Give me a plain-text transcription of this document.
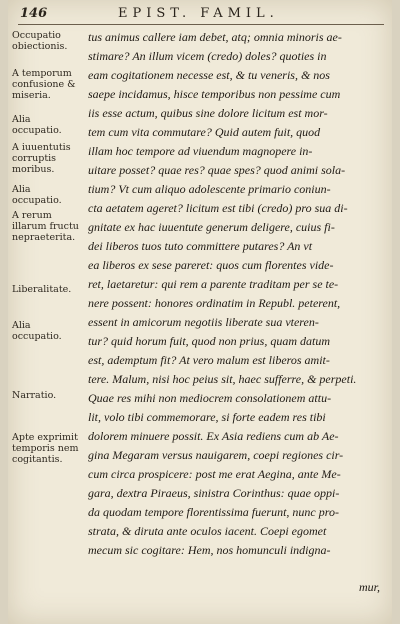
146	EPIST. FAMIL.
Occupatio obiectionis.
A temporum confusione & miseria.
Alia occupatio.
A iuuentutis corruptis moribus.
Alia occupatio.
A rerum illarum fructu nepraeterita.
Liberalitate.
Alia occupatio.
Narratio.
Apte exprimit temporis nem cogitantis.
tus animus callere iam debet, atq; omnia minoris ae-
stimare? An illum vicem (credo) doles? quoties in
eam cogitationem necesse est, & tu veneris, & nos
saepe incidamus, hisce temporibus non pessime cum
iis esse actum, quibus sine dolore licitum est mor-
tem cum vita commutare? Quid autem fuit, quod
illam hoc tempore ad viuendum magnopere in-
uitare posset? quae res? quae spes? quod animi sola-
tium? Vt cum aliquo adolescente primario coniun-
cta aetatem ageret? licitum est tibi (credo) pro sua di-
gnitate ex hac iuuentute generum deligere, cuius fi-
dei liberos tuos tuto committere putares? An vt
ea liberos ex sese pareret: quos cum florentes vide-
ret, laetaretur: qui rem a parente traditam per se te-
nere possent: honores ordinatim in Republ. peterent,
essent in amicorum negotiis liberate sua vteren-
tur? quid horum fuit, quod non prius, quam datum
est, ademptum fit? At vero malum est liberos amit-
tere. Malum, nisi hoc peius sit, haec sufferre, & perpeti.
Quae res mihi non mediocrem consolationem attu-
lit, volo tibi commemorare, si forte eadem res tibi
dolorem minuere possit. Ex Asia rediens cum ab Ae-
gina Megaram versus nauigarem, coepi regiones cir-
cum circa prospicere: post me erat Aegina, ante Me-
gara, dextra Piraeus, sinistra Corinthus: quae oppi-
da quodam tempore florentissima fuerunt, nunc pro-
strata, & diruta ante oculos iacent. Coepi egomet
mecum sic cogitare: Hem, nos homunculi indigna-
mur,
